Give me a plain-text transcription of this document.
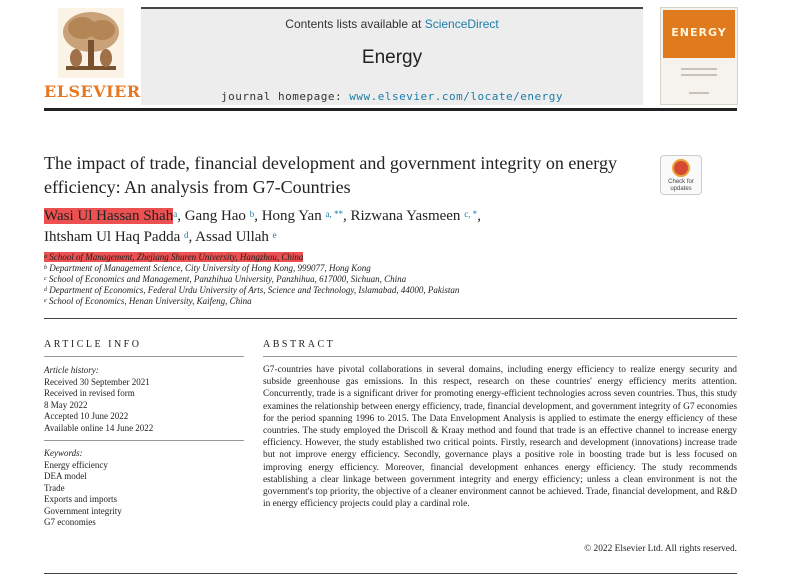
ELSEVIER
Contents lists available at ScienceDirect
Energy
journal homepage: www.elsevier.com/locate/energy
ENERGY
The impact of trade, financial development and government integrity on energy efficiency: An analysis from G7-Countries	Check for
updates
Wasi Ul Hassan Shah$^a$, Gang Hao $^b$, Hong Yan $^{a, **}$, Rizwana Yasmeen $^{c, *}$,
Ihtsham Ul Haq Padda $^d$, Assad Ullah $^e$
$^a$ School of Management, Zhejiang Shuren University, Hangzhou, China
$^b$ Department of Management Science, City University of Hong Kong, 999077, Hong Kong
$^c$ School of Economics and Management, Panzhihua University, Panzhihua, 617000, Sichuan, China
$^d$ Department of Economics, Federal Urdu University of Arts, Science and Technology, Islamabad, 44000, Pakistan
$^e$ School of Economics, Henan University, Kaifeng, China
ARTICLE INFO
Article history:
Received 30 September 2021
Received in revised form
8 May 2022
Accepted 10 June 2022
Available online 14 June 2022
Keywords:
Energy efficiency
DEA model
Trade
Exports and imports
Government integrity
G7 economies
ABSTRACT
G7-countries have pivotal collaborations in several domains, including energy efficiency to realize energy security and subside greenhouse gas emissions. In this respect, research on these countries' energy efficiency merits attention. Concurrently, trade is a significant driver for promoting energy-efficient technologies across seven countries. Thus, this study examines the relationship between energy efficiency, trade, financial development, and government integrity of G7 economies for the period spanning 1996 to 2015. The Data Envelopment Analysis is applied to estimate the energy efficiency of these countries. The study employed the Driscoll & Kraay method and found that trade is an effective channel to increase energy efficiency. However, the study established two critical points. Firstly, research and development (innovations) increase trade but not improve energy efficiency. Secondly, governance plays a positive role in boosting trade but is less focused on improving energy efficiency. Moreover, financial development enhances energy efficiency. The study recommends establishing a clear linkage between government integrity and energy efficiency; unless a clean environment is not the government's top priority, the objective of a cleaner environment cannot be achieved. Trade, financial development, and R&D in energy efficiency projects could play a cardinal role.
© 2022 Elsevier Ltd. All rights reserved.
